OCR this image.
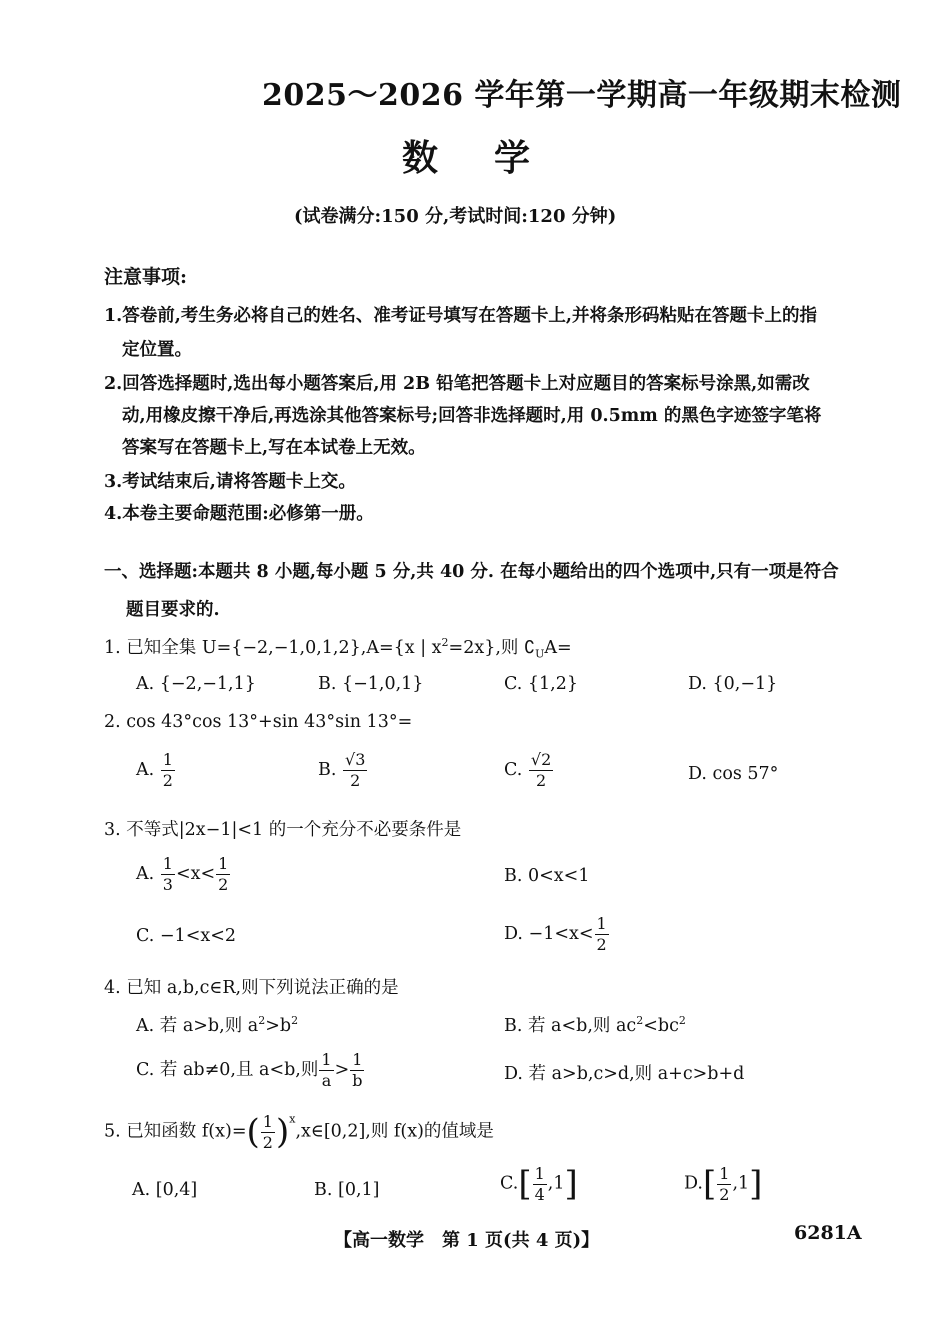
2025～2026 学年第一学期高一年级期末检测
数学
(试卷满分:150 分,考试时间:120 分钟)
注意事项:
1.答卷前,考生务必将自己的姓名、准考证号填写在答题卡上,并将条形码粘贴在答题卡上的指
定位置。
2.回答选择题时,选出每小题答案后,用 2B 铅笔把答题卡上对应题目的答案标号涂黑,如需改
动,用橡皮擦干净后,再选涂其他答案标号;回答非选择题时,用 0.5mm 的黑色字迹签字笔将
答案写在答题卡上,写在本试卷上无效。
3.考试结束后,请将答题卡上交。
4.本卷主要命题范围:必修第一册。
一、选择题:本题共 8 小题,每小题 5 分,共 40 分. 在每小题给出的四个选项中,只有一项是符合
题目要求的.
1. 已知全集 U={−2,−1,0,1,2},A={x | $x^2=2x$},则 $∁_UA=$
A. {−2,−1,1}	B. {−1,0,1}	C. {1,2}	D. {0,−1}
2. cos 43°cos 13°+sin 43°sin 13°=
A. $\frac{1}{2}$	B. $\frac{√3}{2}$	C. $\frac{√2}{2}$	D. cos 57°
3. 不等式|2x−1|<1 的一个充分不必要条件是
A. $\frac{1}{3} <x< \frac{1}{2}$	B. 0<x<1
C. −1<x<2	D. $-1<x< \frac{1}{2}$
4. 已知 a,b,c∈R,则下列说法正确的是
A. 若 a>b,则 $a^2>b^2$	B. 若 a<b,则 $ac^2<bc^2$
C. 若 ab≠0,且 a<b,则 $\frac{1}{a} > \frac{1}{b}$	D. 若 a>b,c>d,则 a+c>b+d
5. 已知函数 $f(x)=( \frac{1}{2}$ )$^x,x\in[0,2]$,则 f(x)的值域是
A. [0,4]	B. [0,1]	$C.[ \frac{1}{4} ,1]$	$D.[ \frac{1}{2} ,1]$
【高一数学　第 1 页(共 4 页)】	6281A
